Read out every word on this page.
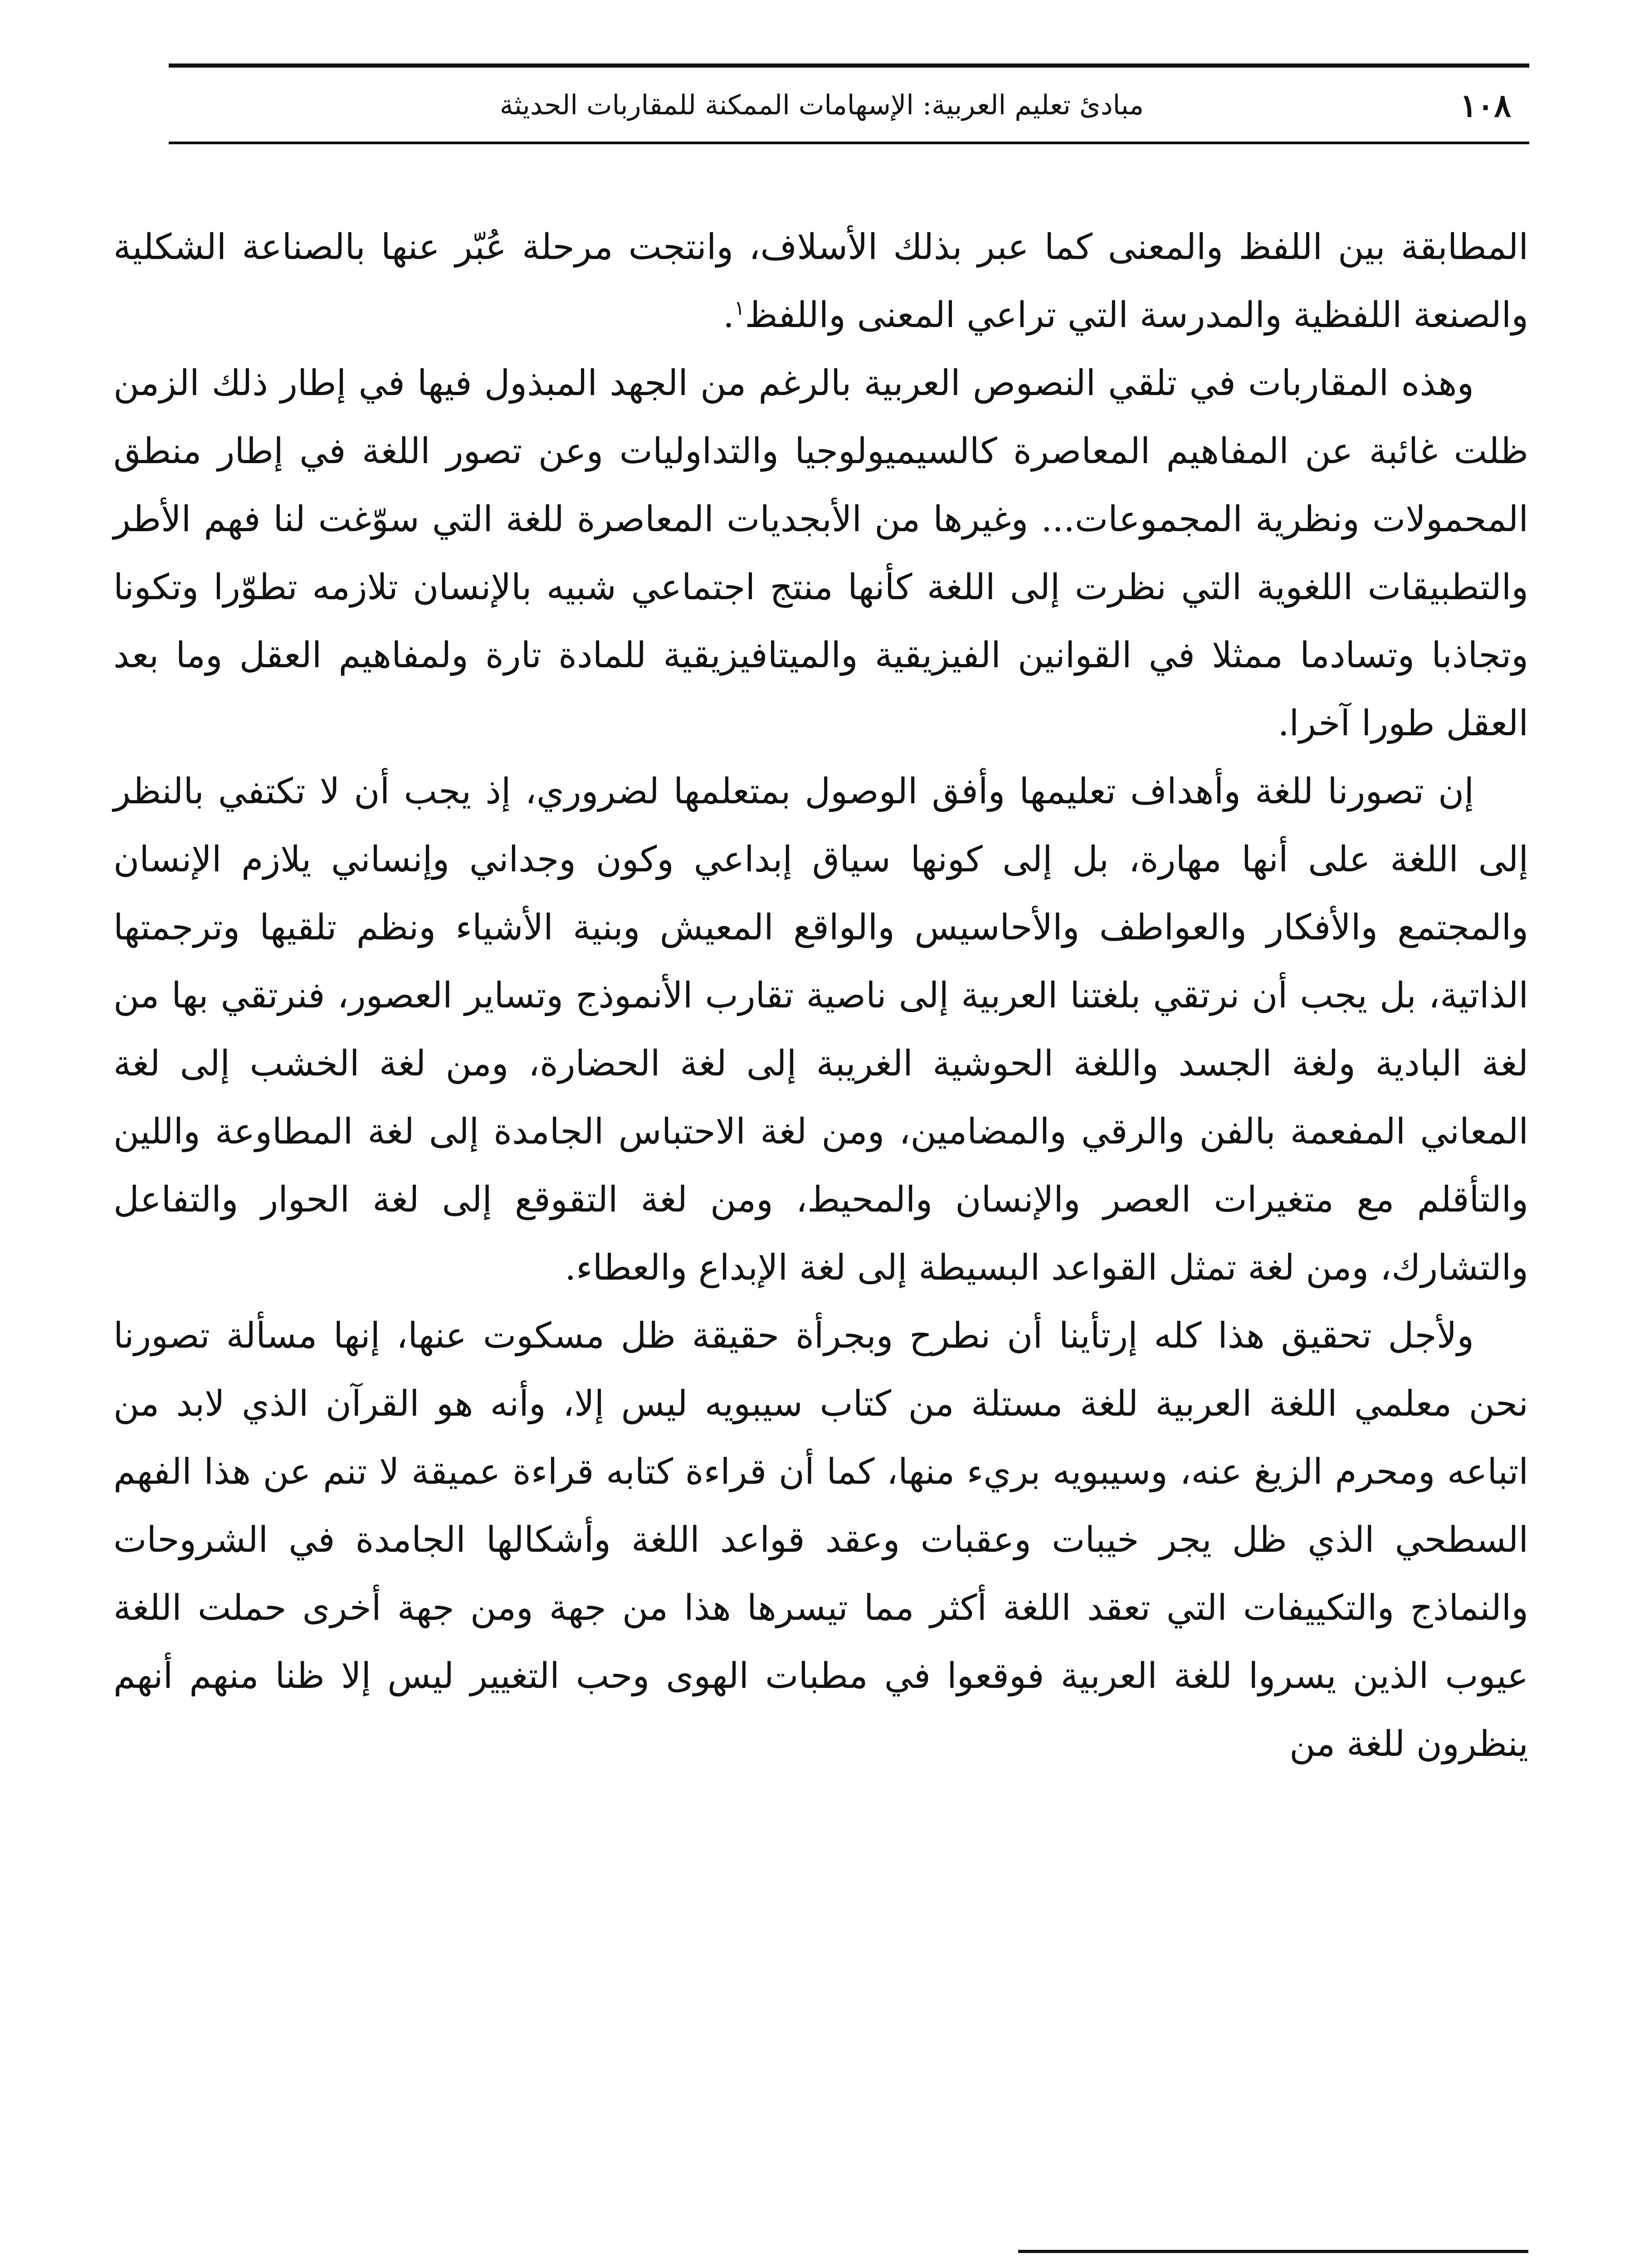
١٠٨
مبادئ تعليم العربية: الإسهامات الممكنة للمقاربات الحديثة

المطابقة بين اللفظ والمعنى كما عبر بذلك الأسلاف، وانتجت مرحلة عُبّر عنها بالصناعة الشكلية والصنعة اللفظية والمدرسة التي تراعي المعنى واللفظ$^١$.

وهذه المقاربات في تلقي النصوص العربية بالرغم من الجهد المبذول فيها في إطار ذلك الزمن ظلت غائبة عن المفاهيم المعاصرة كالسيميولوجيا والتداوليات وعن تصور اللغة في إطار منطق المحمولات ونظرية المجموعات... وغيرها من الأبجديات المعاصرة للغة التي سوّغت لنا فهم الأطر والتطبيقات اللغوية التي نظرت إلى اللغة كأنها منتج اجتماعي شبيه بالإنسان تلازمه تطوّرا وتكونا وتجاذبا وتسادما ممثلا في القوانين الفيزيقية والميتافيزيقية للمادة تارة ولمفاهيم العقل وما بعد العقل طورا آخرا.

إن تصورنا للغة وأهداف تعليمها وأفق الوصول بمتعلمها لضروري، إذ يجب أن لا تكتفي بالنظر إلى اللغة على أنها مهارة، بل إلى كونها سياق إبداعي وكون وجداني وإنساني يلازم الإنسان والمجتمع والأفكار والعواطف والأحاسيس والواقع المعيش وبنية الأشياء ونظم تلقيها وترجمتها الذاتية، بل يجب أن نرتقي بلغتنا العربية إلى ناصية تقارب الأنموذج وتساير العصور، فنرتقي بها من لغة البادية ولغة الجسد واللغة الحوشية الغريبة إلى لغة الحضارة، ومن لغة الخشب إلى لغة المعاني المفعمة بالفن والرقي والمضامين، ومن لغة الاحتباس الجامدة إلى لغة المطاوعة واللين والتأقلم مع متغيرات العصر والإنسان والمحيط، ومن لغة التقوقع إلى لغة الحوار والتفاعل والتشارك، ومن لغة تمثل القواعد البسيطة إلى لغة الإبداع والعطاء.

ولأجل تحقيق هذا كله إرتأينا أن نطرح وبجرأة حقيقة ظل مسكوت عنها، إنها مسألة تصورنا نحن معلمي اللغة العربية للغة مستلة من كتاب سيبويه ليس إلا، وأنه هو القرآن الذي لابد من اتباعه ومحرم الزيغ عنه، وسيبويه بريء منها، كما أن قراءة كتابه قراءة عميقة لا تنم عن هذا الفهم السطحي الذي ظل يجر خيبات وعقبات وعقد قواعد اللغة وأشكالها الجامدة في الشروحات والنماذج والتكييفات التي تعقد اللغة أكثر مما تيسرها هذا من جهة ومن جهة أخرى حملت اللغة عيوب الذين يسروا للغة العربية فوقعوا في مطبات الهوى وحب التغيير ليس إلا ظنا منهم أنهم ينظرون للغة من
